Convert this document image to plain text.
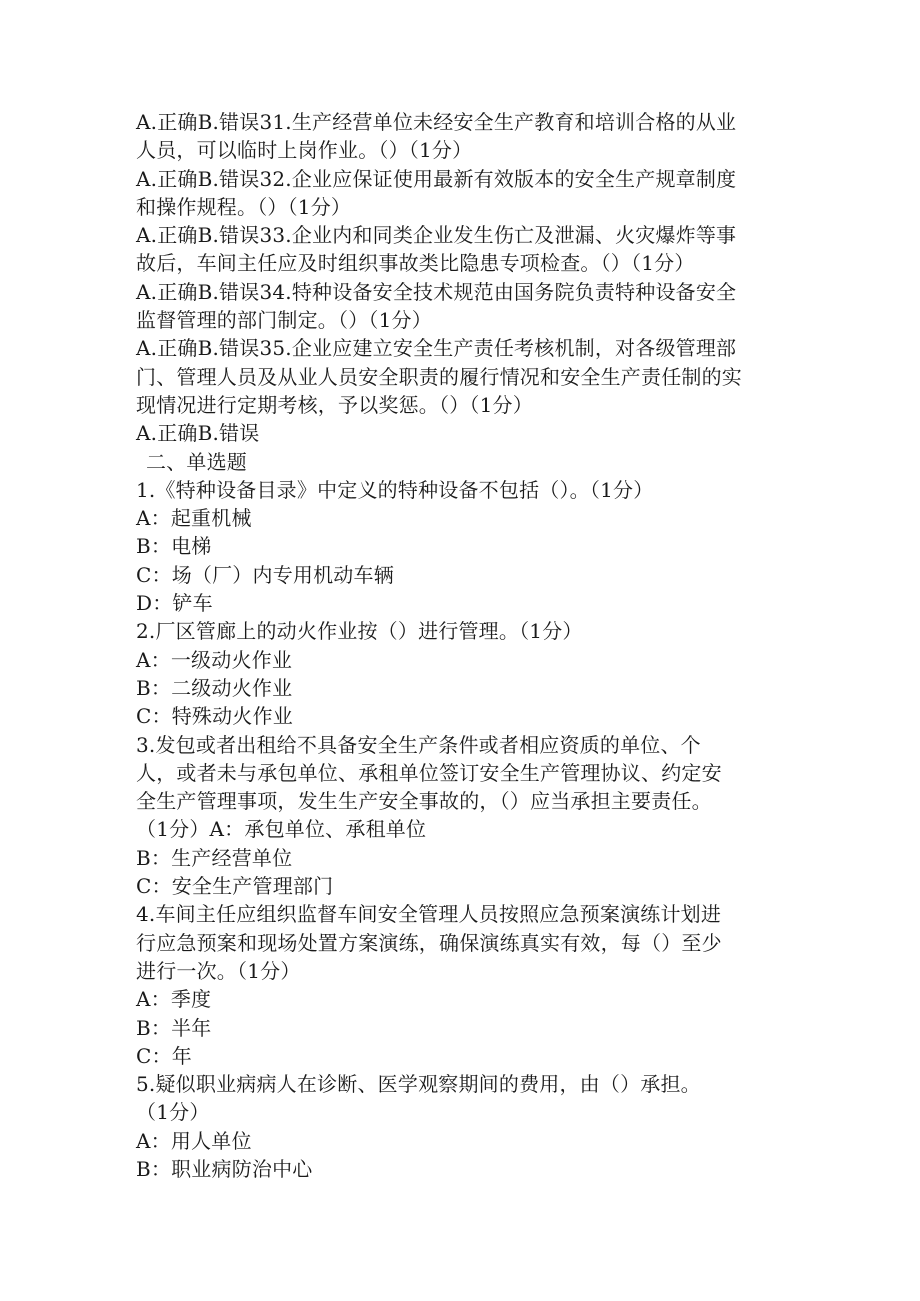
A.正确B.错误31.生产经营单位未经安全生产教育和培训合格的从业
人员，可以临时上岗作业。（）（1分）
A.正确B.错误32.企业应保证使用最新有效版本的安全生产规章制度
和操作规程。（）（1分）
A.正确B.错误33.企业内和同类企业发生伤亡及泄漏、火灾爆炸等事
故后，车间主任应及时组织事故类比隐患专项检查。（）（1分）
A.正确B.错误34.特种设备安全技术规范由国务院负责特种设备安全
监督管理的部门制定。（）（1分）
A.正确B.错误35.企业应建立安全生产责任考核机制，对各级管理部
门、管理人员及从业人员安全职责的履行情况和安全生产责任制的实
现情况进行定期考核，予以奖惩。（）（1分）
A.正确B.错误
二、单选题
1.《特种设备目录》中定义的特种设备不包括（）。（1分）
A：起重机械
B：电梯
C：场（厂）内专用机动车辆
D：铲车
2.厂区管廊上的动火作业按（）进行管理。（1分）
A：一级动火作业
B：二级动火作业
C：特殊动火作业
3.发包或者出租给不具备安全生产条件或者相应资质的单位、个
人，或者未与承包单位、承租单位签订安全生产管理协议、约定安
全生产管理事项，发生生产安全事故的，（）应当承担主要责任。
（1分）A：承包单位、承租单位
B：生产经营单位
C：安全生产管理部门
4.车间主任应组织监督车间安全管理人员按照应急预案演练计划进
行应急预案和现场处置方案演练，确保演练真实有效，每（）至少
进行一次。（1分）
A：季度
B：半年
C：年
5.疑似职业病病人在诊断、医学观察期间的费用，由（）承担。
（1分）
A：用人单位
B：职业病防治中心
